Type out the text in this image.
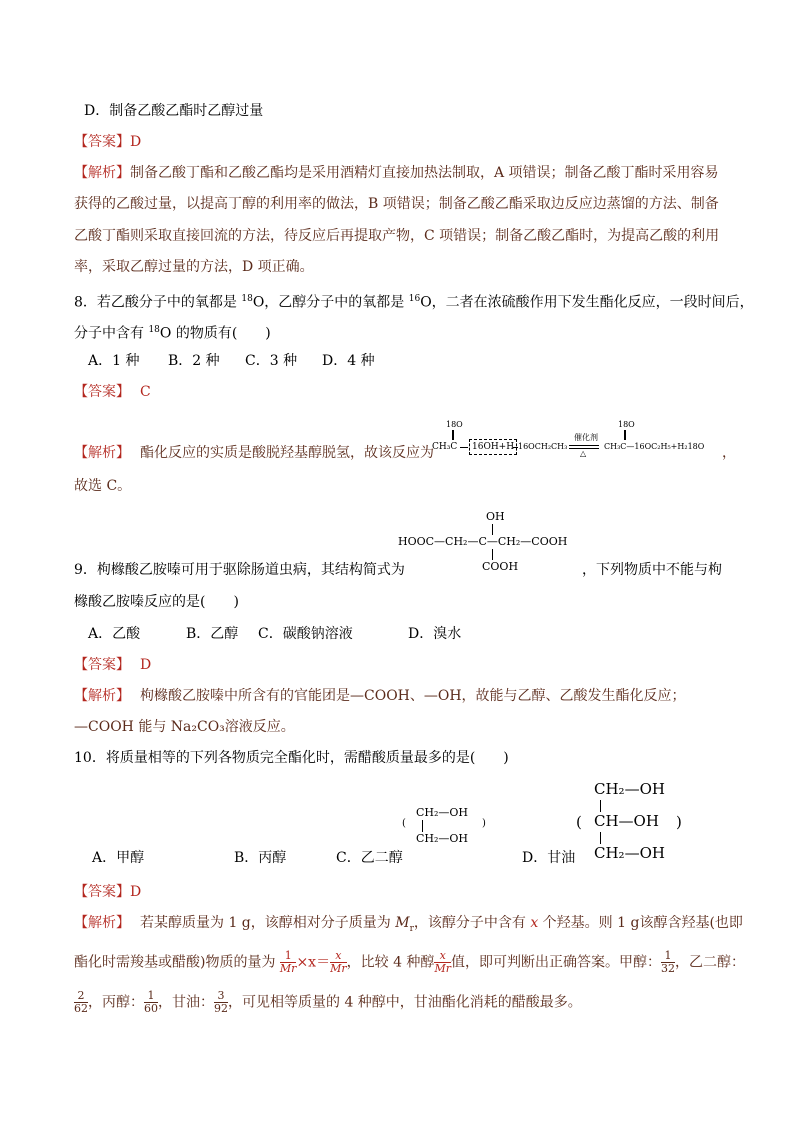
D．制备乙酸乙酯时乙醇过量
【答案】D
【解析】制备乙酸丁酯和乙酸乙酯均是采用酒精灯直接加热法制取，A 项错误；制备乙酸丁酯时采用容易
获得的乙酸过量，以提高丁醇的利用率的做法，B 项错误；制备乙酸乙酯采取边反应边蒸馏的方法、制备
乙酸丁酯则采取直接回流的方法，待反应后再提取产物，C 项错误；制备乙酸乙酯时，为提高乙酸的利用
率，采取乙醇过量的方法，D 项正确。
8．若乙酸分子中的氧都是 $^{18}$O，乙醇分子中的氧都是 $^{16}$O，二者在浓硫酸作用下发生酯化反应，一段时间后，
分子中含有 $^{18}$O 的物质有(　　)
A．1 种 B．2 种 C．3 种 D．4 种
【答案】 C
【解析】 酯化反应的实质是酸脱羟基醇脱氢，故该反应为
18O
CH₃C	16OH+H 16OCH₂CH₃
催化剂
△
18O
CH₃C—16OC₂H₅+H₂18O ，
故选 C。
9．枸橼酸乙胺嗪可用于驱除肠道虫病，其结构简式为
OH
HOOC—CH₂—C—CH₂—COOH
COOH	，下列物质中不能与枸
橼酸乙胺嗪反应的是(　　)
A．乙酸	B．乙醇 C．碳酸钠溶液	D．溴水
【答案】 D
【解析】 枸橼酸乙胺嗪中所含有的官能团是—COOH、—OH，故能与乙醇、乙酸发生酯化反应；
—COOH 能与 Na₂CO₃溶液反应。
10．将质量相等的下列各物质完全酯化时，需醋酸质量最多的是(　　)
(
CH₂—OH
CH₂—OH
)	(
CH₂—OH
CH—OH
CH₂—OH
)
A．甲醇	B．丙醇	C．乙二醇	D．甘油
【答案】D
【解析】 若某醇质量为 1 g，该醇相对分子质量为 $M_r$，该醇分子中含有 x 个羟基。则 1 g该醇含羟基(也即
酯化时需羧基或醋酸)物质的量为 $\frac{1}{Mr} \times x= \frac{x}{Mr}$ ，比较 4 种醇 $\frac{x}{Mr}$ 值，即可判断出正确答案。甲醇： $\frac{1}{32}$ ，乙二醇：
$\frac{2}{62}$ ，丙醇： $\frac{1}{60}$ ，甘油： $\frac{3}{92}$ ，可见相等质量的 4 种醇中，甘油酯化消耗的醋酸最多。
